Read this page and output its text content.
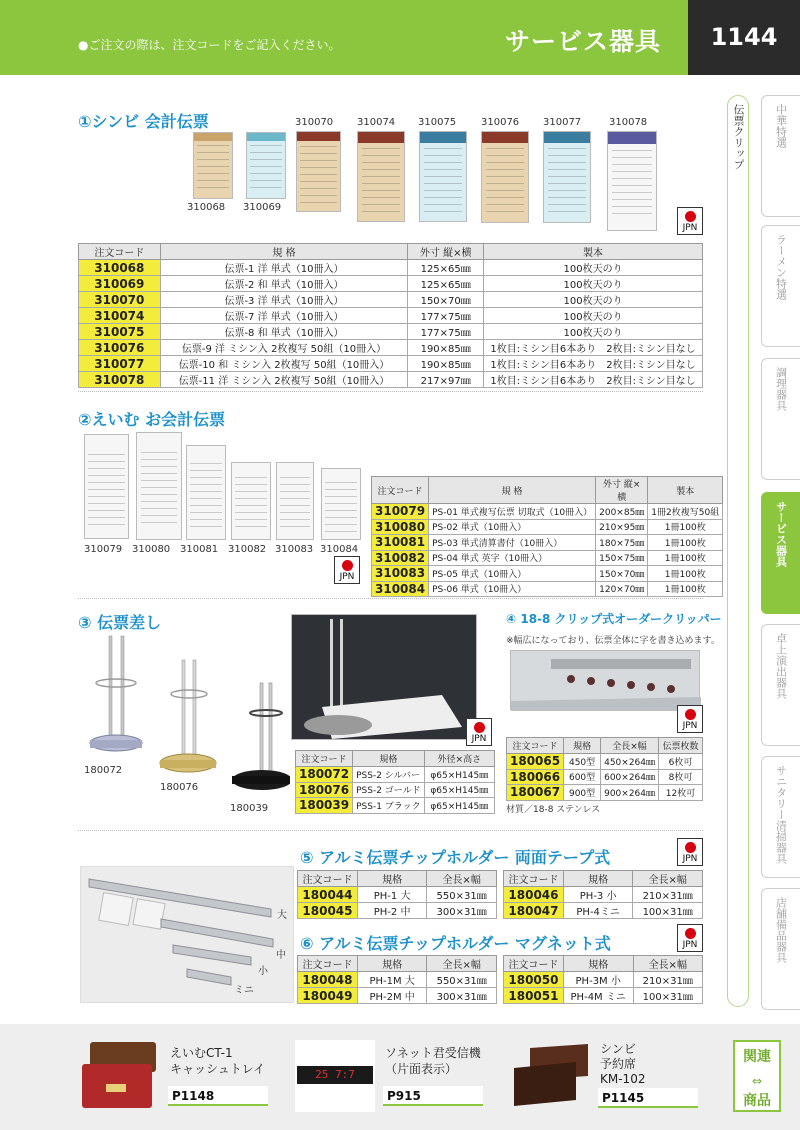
●ご注文の際は、注文コードをご記入ください。	サービス器具	1144
伝票クリップ	中華特選
ラーメン特選
調理器具
サービス器具
卓上演出器具
サニタリー清掃器具
店舗備品器具
①シンビ 会計伝票
310068 310069
310070 310074 310075 310076 310077	310078
JPN
注文コード	規 格	外寸 縦×横	製本
310068	伝票-1 洋 単式（10冊入）	125×65㎜	100枚天のり
310069	伝票-2 和 単式（10冊入）	125×65㎜	100枚天のり
310070	伝票-3 洋 単式（10冊入）	150×70㎜	100枚天のり
310074	伝票-7 洋 単式（10冊入）	177×75㎜	100枚天のり
310075	伝票-8 和 単式（10冊入）	177×75㎜	100枚天のり
310076	伝票-9 洋 ミシン入 2枚複写 50組（10冊入）	190×85㎜	1枚目:ミシン目6本あり　2枚目:ミシン目なし
310077	伝票-10 和 ミシン入 2枚複写 50組（10冊入）	190×85㎜	1枚目:ミシン目6本あり　2枚目:ミシン目なし
310078	伝票-11 洋 ミシン入 2枚複写 50組（10冊入）	217×97㎜	1枚目:ミシン目6本あり　2枚目:ミシン目なし
②えいむ お会計伝票
310079 310080 310081 310082 310083 310084
JPN
注文コード	規 格	外寸 縦×横	製本
310079	PS-01 単式複写伝票 切取式（10冊入）	200×85㎜	1冊2枚複写50組
310080	PS-02 単式（10冊入）	210×95㎜	1冊100枚
310081	PS-03 単式清算書付（10冊入）	180×75㎜	1冊100枚
310082	PS-04 単式 英字（10冊入）	150×75㎜	1冊100枚
310083	PS-05 単式（10冊入）	150×70㎜	1冊100枚
310084	PS-06 単式（10冊入）	120×70㎜	1冊100枚
③ 伝票差し
180072
180076
180039
JPN
注文コード	規格	外径×高さ
180072	PSS-2 シルバー	φ65×H145㎜
180076	PSS-2 ゴールド	φ65×H145㎜
180039	PSS-1 ブラック	φ65×H145㎜
④ 18-8 クリップ式オーダークリッパー
※幅広になっており、伝票全体に字を書き込めます。
JPN
注文コード	規格	全長×幅	伝票枚数
180065	450型	450×264㎜	6枚可
180066	600型	600×264㎜	8枚可
180067	900型	900×264㎜	12枚可
材質／18-8 ステンレス
大
中
小
ミニ
⑤ アルミ伝票チップホルダー 両面テープ式	JPN
注文コード	規格	全長×幅
180044	PH-1 大	550×31㎜
180045	PH-2 中	300×31㎜
注文コード	規格	全長×幅
180046	PH-3 小	210×31㎜
180047	PH-4ミニ	100×31㎜
⑥ アルミ伝票チップホルダー マグネット式	JPN
注文コード	規格	全長×幅
180048	PH-1M 大	550×31㎜
180049	PH-2M 中	300×31㎜
注文コード	規格	全長×幅
180050	PH-3M 小	210×31㎜
180051	PH-4M ミニ	100×31㎜
えいむCT-1
キャッシュトレイ
P1148
25 7:7
ソネット君受信機
（片面表示）
P915
シンビ
予約席
KM-102
P1145
関連
⇔
商品
